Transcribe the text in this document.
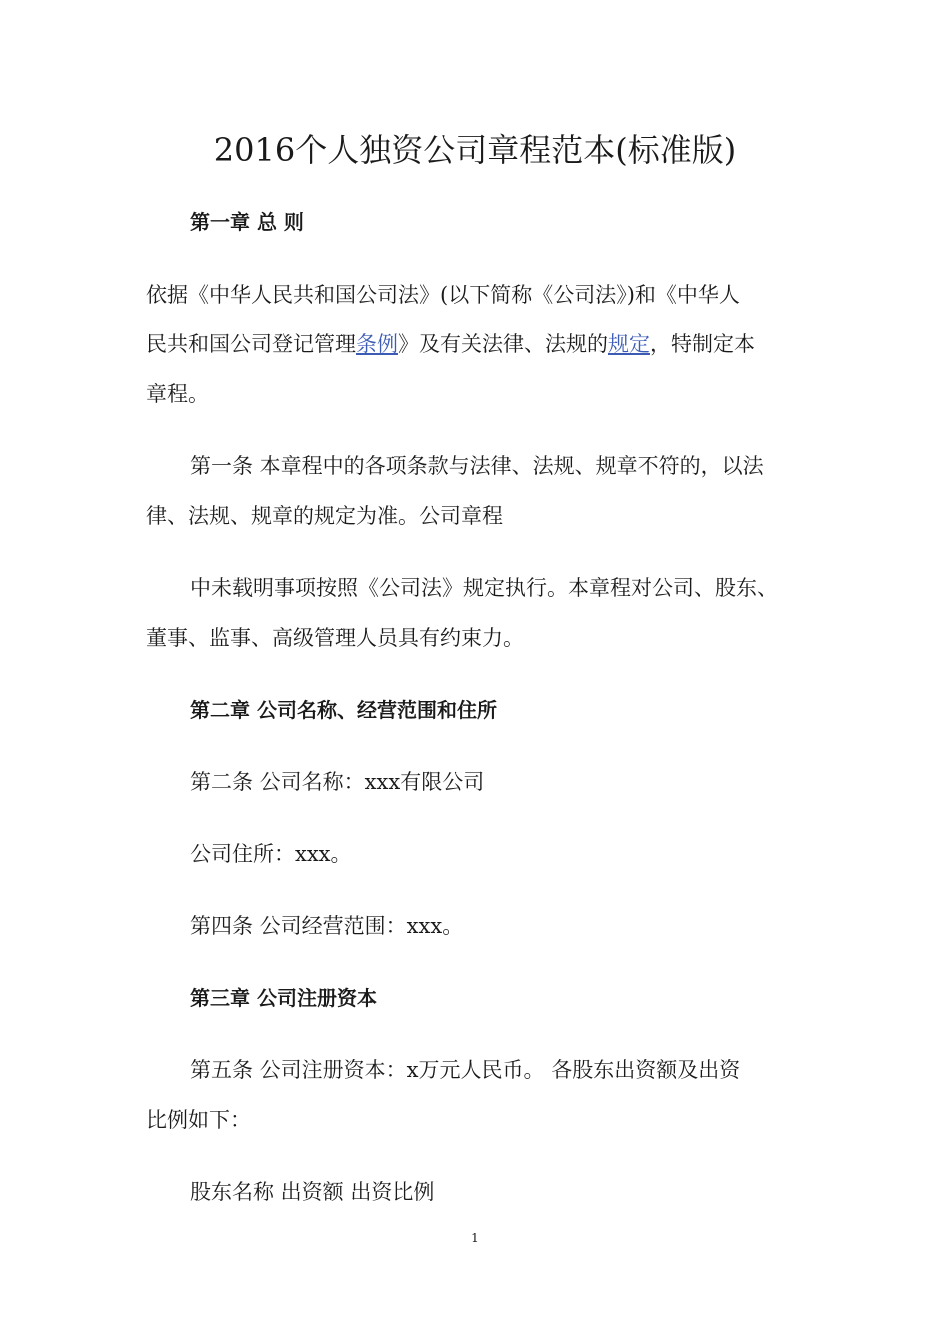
2016个人独资公司章程范本(标准版)

第一章 总 则

依据《中华人民共和国公司法》(以下简称《公司法》)和《中华人

民共和国公司登记管理条例》及有关法律、法规的规定，特制定本

章程。

第一条 本章程中的各项条款与法律、法规、规章不符的，以法

律、法规、规章的规定为准。公司章程

中未载明事项按照《公司法》规定执行。本章程对公司、股东、

董事、监事、高级管理人员具有约束力。

第二章 公司名称、经营范围和住所

第二条 公司名称：xxx有限公司

公司住所：xxx。

第四条 公司经营范围：xxx。

第三章 公司注册资本

第五条 公司注册资本：x万元人民币。 各股东出资额及出资

比例如下：

股东名称 出资额 出资比例

1
